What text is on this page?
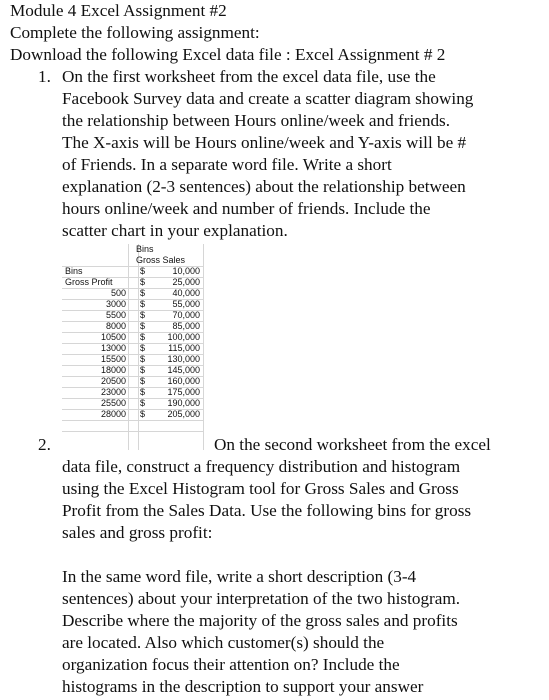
Module 4 Excel Assignment #2
Complete the following assignment:
Download the following Excel data file : Excel Assignment # 2
1. On the first worksheet from the excel data file, use the
Facebook Survey data and create a scatter diagram showing
the relationship between Hours online/week and friends.
The X-axis will be Hours online/week and Y-axis will be #
of Friends. In a separate word file. Write a short
explanation (2-3 sentences) about the relationship between
hours online/week and number of friends. Include the
scatter chart in your explanation.
Bins
Gross Sales
Bins
Gross Profit
500
3000
5500
8000
10500
13000
15500
18000
20500
23000
25500
28000
$
$
$
$
$
$
$
$
$
$
$
$
$
$
10,000
25,000
40,000
55,000
70,000
85,000
100,000
115,000
130,000
145,000
160,000
175,000
190,000
205,000
2.	On the second worksheet from the excel
data file, construct a frequency distribution and histogram
using the Excel Histogram tool for Gross Sales and Gross
Profit from the Sales Data. Use the following bins for gross
sales and gross profit:
In the same word file, write a short description (3-4
sentences) about your interpretation of the two histogram.
Describe where the majority of the gross sales and profits
are located. Also which customer(s) should the
organization focus their attention on? Include the
histograms in the description to support your answer
